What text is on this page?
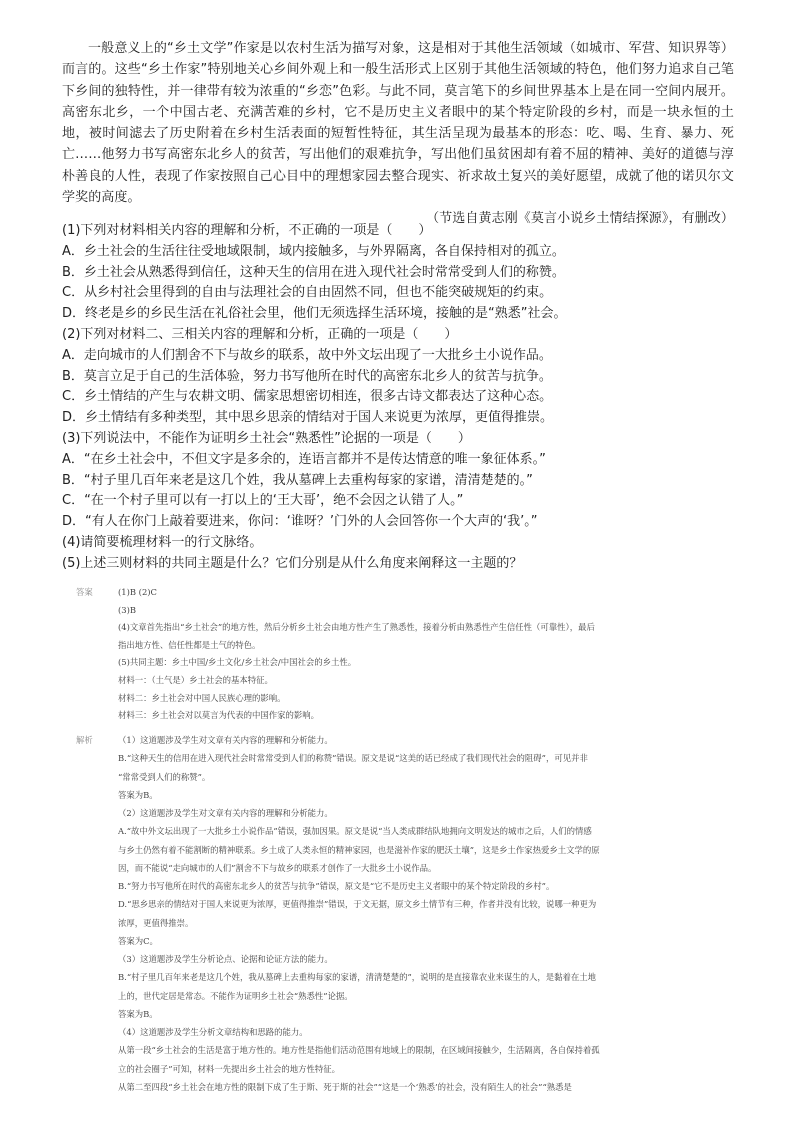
一般意义上的“乡土文学”作家是以农村生活为描写对象，这是相对于其他生活领域（如城市、军营、知识界等）而言的。这些“乡土作家”特别地关心乡间外观上和一般生活形式上区别于其他生活领域的特色，他们努力追求自己笔下乡间的独特性，并一律带有较为浓重的“乡恋”色彩。与此不同，莫言笔下的乡间世界基本上是在同一空间内展开。高密东北乡，一个中国古老、充满苦难的乡村，它不是历史主义者眼中的某个特定阶段的乡村，而是一块永恒的土地，被时间滤去了历史附着在乡村生活表面的短暂性特征，其生活呈现为最基本的形态：吃、喝、生育、暴力、死亡……他努力书写高密东北乡人的贫苦，写出他们的艰难抗争，写出他们虽贫困却有着不屈的精神、美好的道德与淳朴善良的人性，表现了作家按照自己心目中的理想家园去整合现实、祈求故土复兴的美好愿望，成就了他的诺贝尔文学奖的高度。

（节选自黄志刚《莫言小说乡土情结探源》，有删改）

(1)下列对材料相关内容的理解和分析，不正确的一项是（　　）

A．乡土社会的生活往往受地域限制，域内接触多，与外界隔离，各自保持相对的孤立。

B．乡土社会从熟悉得到信任，这种天生的信用在进入现代社会时常常受到人们的称赞。

C．从乡村社会里得到的自由与法理社会的自由固然不同，但也不能突破规矩的约束。

D．终老是乡的乡民生活在礼俗社会里，他们无须选择生活环境，接触的是“熟悉”社会。

(2)下列对材料二、三相关内容的理解和分析，正确的一项是（　　）

A．走向城市的人们割舍不下与故乡的联系，故中外文坛出现了一大批乡土小说作品。

B．莫言立足于自己的生活体验，努力书写他所在时代的高密东北乡人的贫苦与抗争。

C．乡土情结的产生与农耕文明、儒家思想密切相连，很多古诗文都表达了这种心态。

D．乡土情结有多种类型，其中思乡思亲的情结对于国人来说更为浓厚，更值得推崇。

(3)下列说法中，不能作为证明乡土社会“熟悉性”论据的一项是（　　）

A．“在乡土社会中，不但文字是多余的，连语言都并不是传达情意的唯一象征体系。”

B．“村子里几百年来老是这几个姓，我从墓碑上去重构每家的家谱，清清楚楚的。”

C．“在一个村子里可以有一打以上的‘王大哥’，绝不会因之认错了人。”

D．“有人在你门上敲着要进来，你问：‘谁呀？’门外的人会回答你一个大声的‘我’。”

(4)请简要梳理材料一的行文脉络。

(5)上述三则材料的共同主题是什么？它们分别是从什么角度来阐释这一主题的？

答案	(1)B (2)C

(3)B

(4)文章首先指出“乡土社会”的地方性，然后分析乡土社会由地方性产生了熟悉性，接着分析由熟悉性产生信任性（可靠性），最后

指出地方性、信任性都是土气的特色。

(5)共同主题：乡土中国/乡土文化/乡土社会/中国社会的乡土性。

材料一：（土气是）乡土社会的基本特征。

材料二：乡土社会对中国人民族心理的影响。

材料三：乡土社会对以莫言为代表的中国作家的影响。

解析	（1）这道题涉及学生对文章有关内容的理解和分析能力。

B.“这种天生的信用在进入现代社会时常常受到人们的称赞”错误。原文是说“这美的话已经成了我们现代社会的阻碍”，可见并非

“常常受到人们的称赞”。

答案为B。

（2）这道题涉及学生对文章有关内容的理解和分析能力。

A.“故中外文坛出现了一大批乡土小说作品”错误，强加因果。原文是说“当人类成群结队地拥向文明发达的城市之后，人们的情感

与乡土仍然有着不能割断的精神联系。乡土成了人类永恒的精神家园，也是滋补作家的肥沃土壤”，这是乡土作家热爱乡土文学的原

因，而不能说“走向城市的人们”割舍不下与故乡的联系才创作了一大批乡土小说作品。

B.“努力书写他所在时代的高密东北乡人的贫苦与抗争”错误，原文是“它不是历史主义者眼中的某个特定阶段的乡村”。

D.“思乡思亲的情结对于国人来说更为浓厚，更值得推崇”错误，于文无据，原文乡土情节有三种，作者并没有比较，说哪一种更为

浓厚，更值得推崇。

答案为C。

（3）这道题涉及学生分析论点、论据和论证方法的能力。

B.“村子里几百年来老是这几个姓，我从墓碑上去重构每家的家谱，清清楚楚的”，说明的是直接靠农业来谋生的人，是黏着在土地

上的，世代定居是常态。不能作为证明乡土社会“熟悉性”论据。

答案为B。

（4）这道题涉及学生分析文章结构和思路的能力。

从第一段“乡土社会的生活是富于地方性的。地方性是指他们活动范围有地域上的限制，在区域间接触少，生活隔离，各自保持着孤

立的社会圈子”可知，材料一先提出乡土社会的地方性特征。

从第二至四段“乡土社会在地方性的限制下成了生于斯、死于斯的社会”“这是一个‘熟悉’的社会，没有陌生人的社会”“熟悉是
